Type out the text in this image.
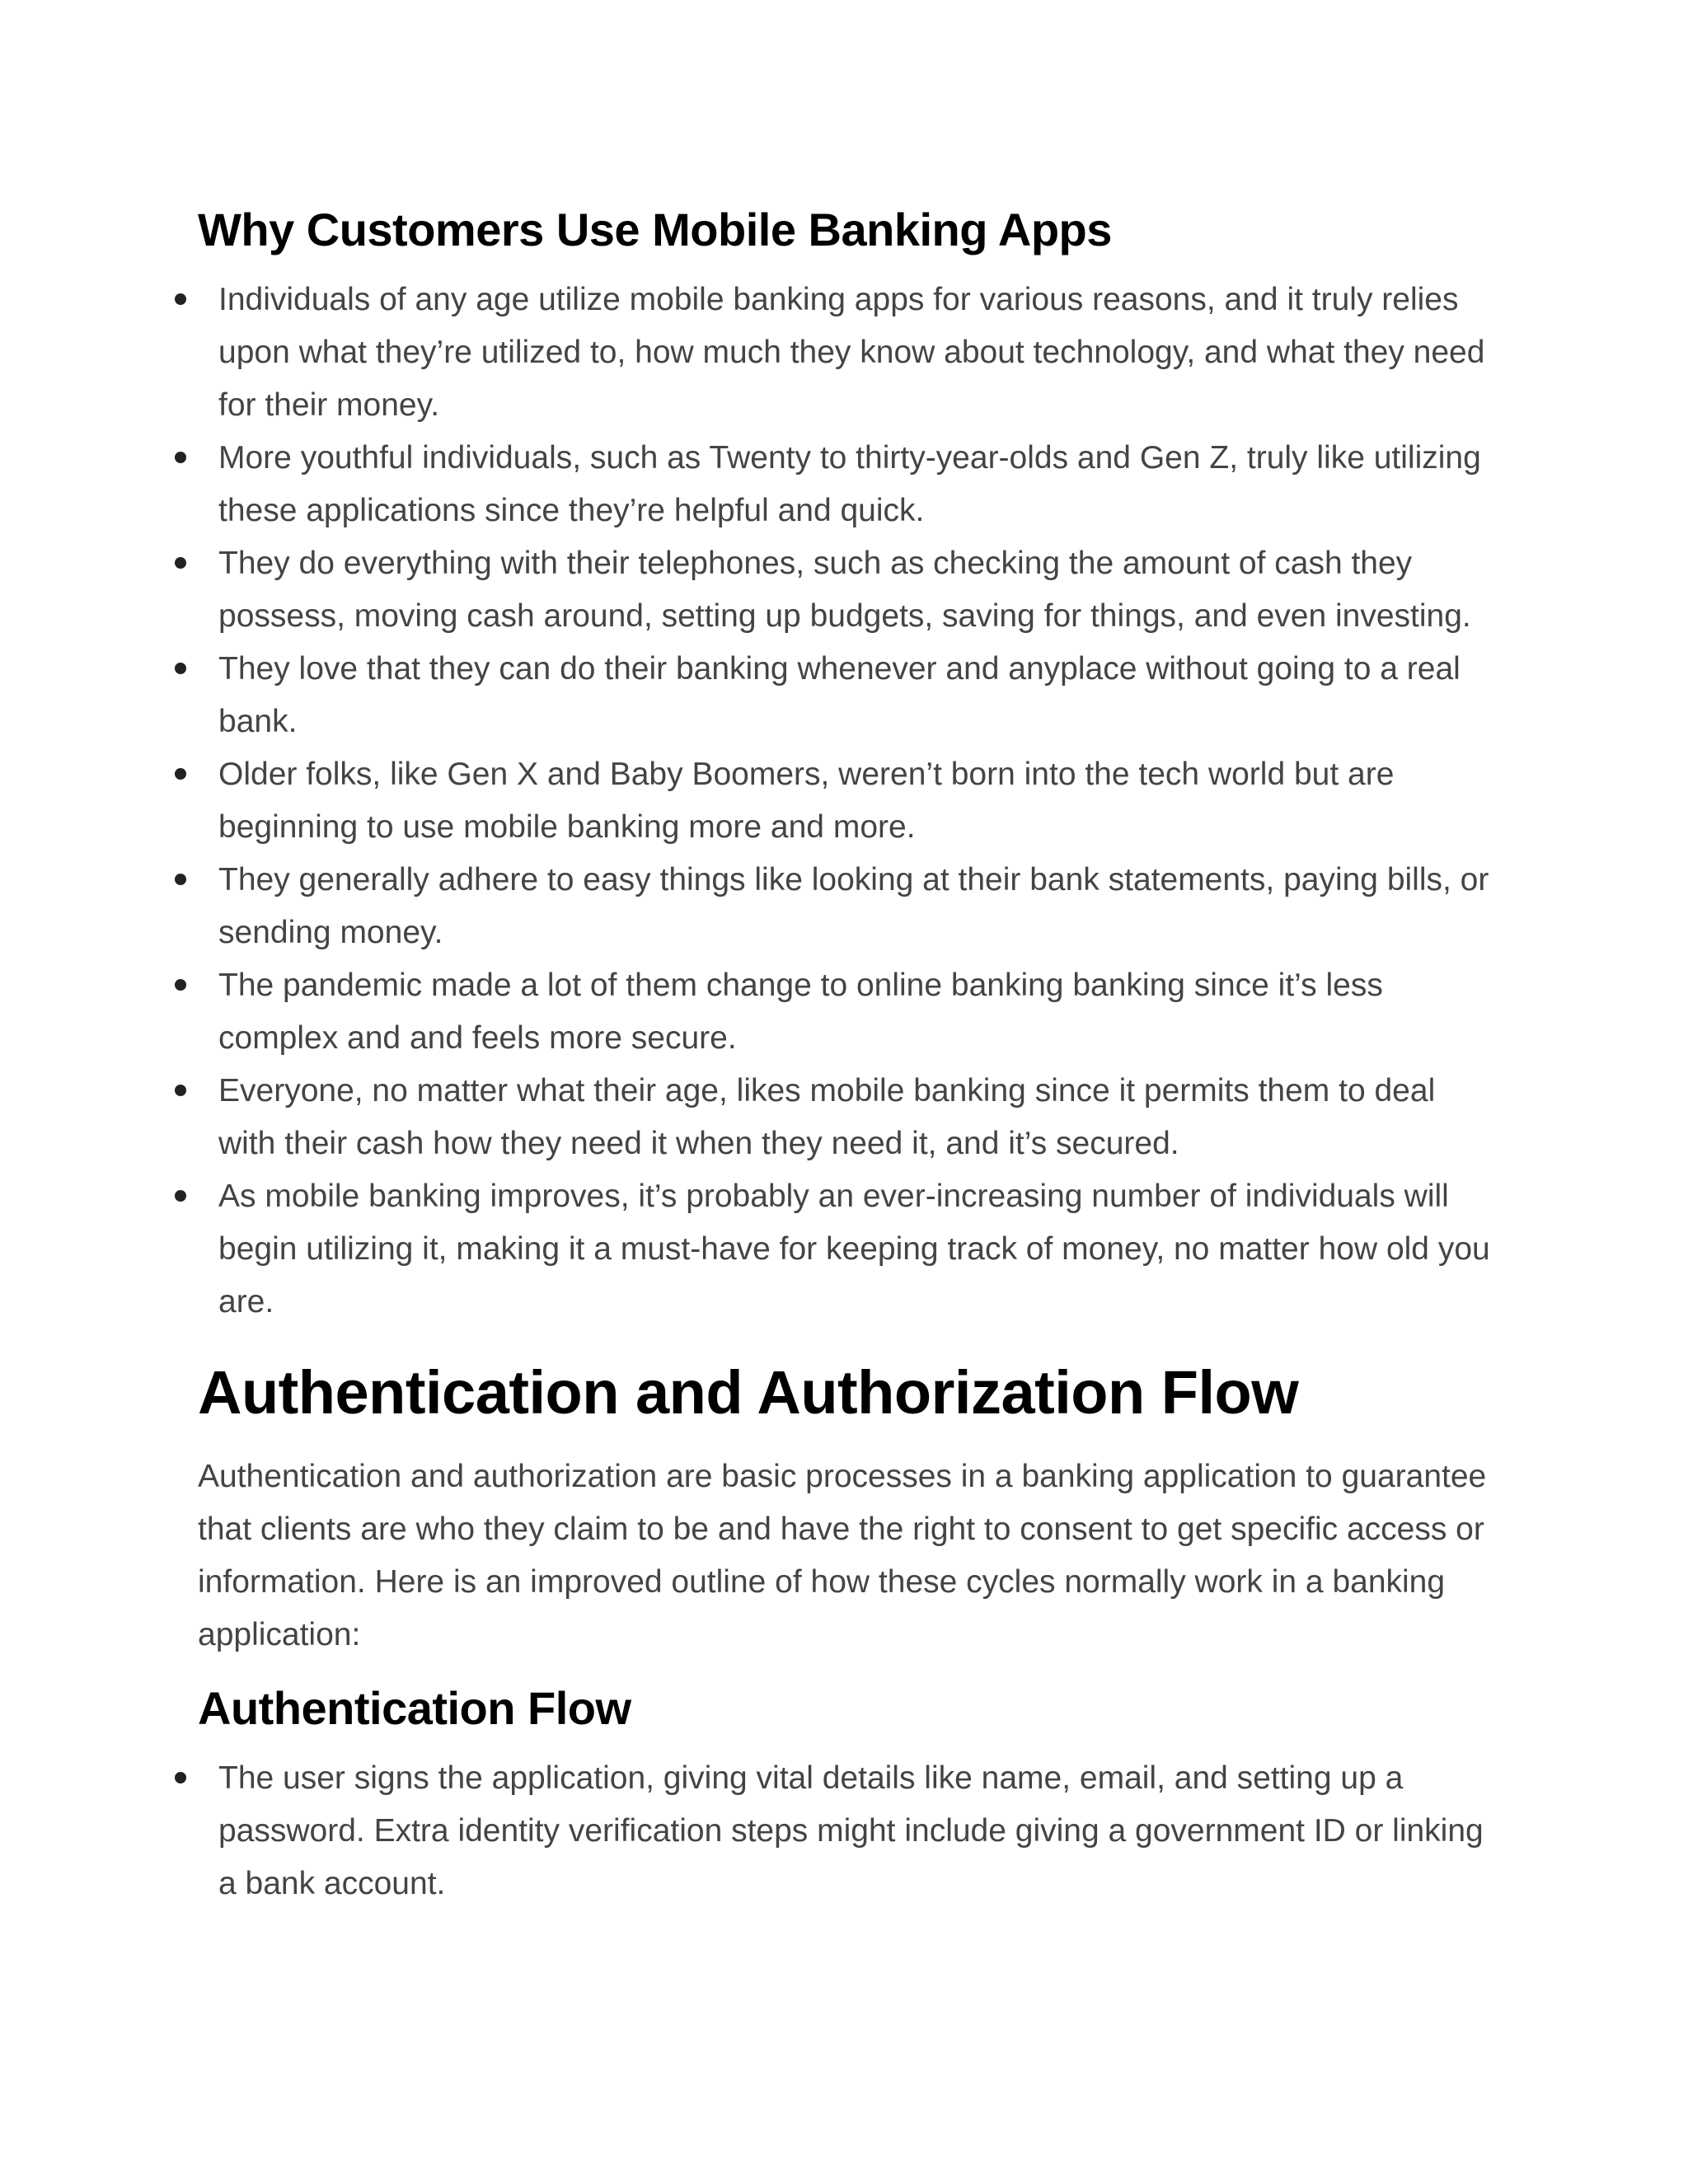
Why Customers Use Mobile Banking Apps
Individuals of any age utilize mobile banking apps for various reasons, and it truly relies upon what they’re utilized to, how much they know about technology, and what they need for their money.
More youthful individuals, such as Twenty to thirty-year-olds and Gen Z, truly like utilizing these applications since they’re helpful and quick.
They do everything with their telephones, such as checking the amount of cash they possess, moving cash around, setting up budgets, saving for things, and even investing.
They love that they can do their banking whenever and anyplace without going to a real bank.
Older folks, like Gen X and Baby Boomers, weren’t born into the tech world but are beginning to use mobile banking more and more.
They generally adhere to easy things like looking at their bank statements, paying bills, or sending money.
The pandemic made a lot of them change to online banking banking since it’s less complex and and feels more secure.
Everyone, no matter what their age, likes mobile banking since it permits them to deal with their cash how they need it when they need it, and it’s secured.
As mobile banking improves, it’s probably an ever-increasing number of individuals will begin utilizing it, making it a must-have for keeping track of money, no matter how old you are.
Authentication and Authorization Flow

Authentication and authorization are basic processes in a banking application to guarantee that clients are who they claim to be and have the right to consent to get specific access or information. Here is an improved outline of how these cycles normally work in a banking application:

Authentication Flow
The user signs the application, giving vital details like name, email, and setting up a password. Extra identity verification steps might include giving a government ID or linking a bank account.
